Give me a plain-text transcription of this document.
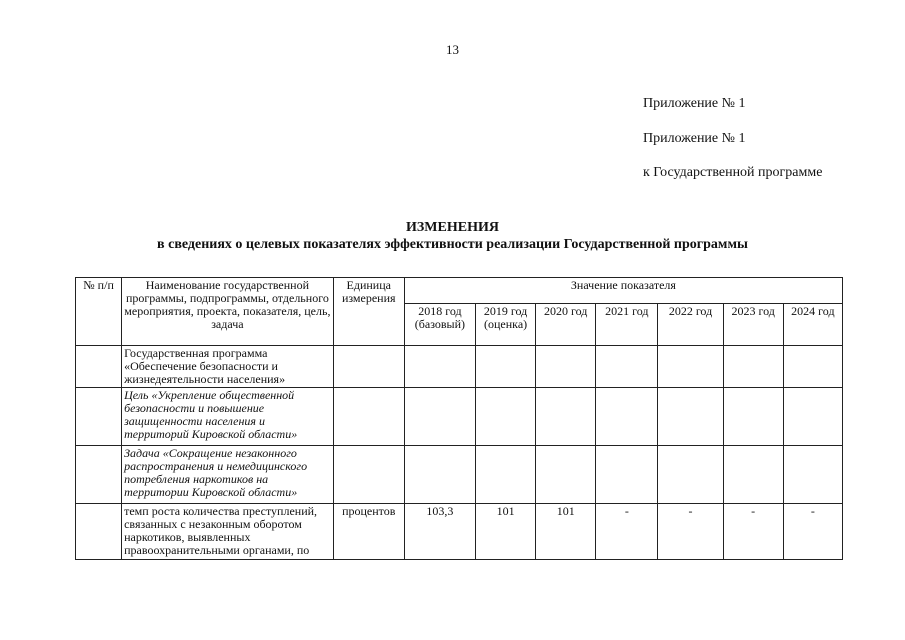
13
Приложение № 1
Приложение № 1
к Государственной программе
ИЗМЕНЕНИЯ
в сведениях о целевых показателях эффективности реализации Государственной программы
№ п/п	Наименование государственной программы, подпрограммы, отдельного мероприятия, проекта, показателя, цель, задача	Единица измерения	Значение показателя						
			2018 год (базовый)	2019 год (оценка)	2020 год	2021 год	2022 год	2023 год	2024 год
	Государственная программа «Обеспечение безопасности и жизнедеятельности населения»								
	Цель «Укрепление общественной безопасности и повышение защищенности населения и территорий Кировской области»								
	Задача «Сокращение незаконного распространения и немедицинского потребления наркотиков на территории Кировской области»								
	темп роста количества преступлений, связанных с незаконным оборотом наркотиков, выявленных правоохранительными органами, по	процентов	103,3	101	101	-	-	-	-
